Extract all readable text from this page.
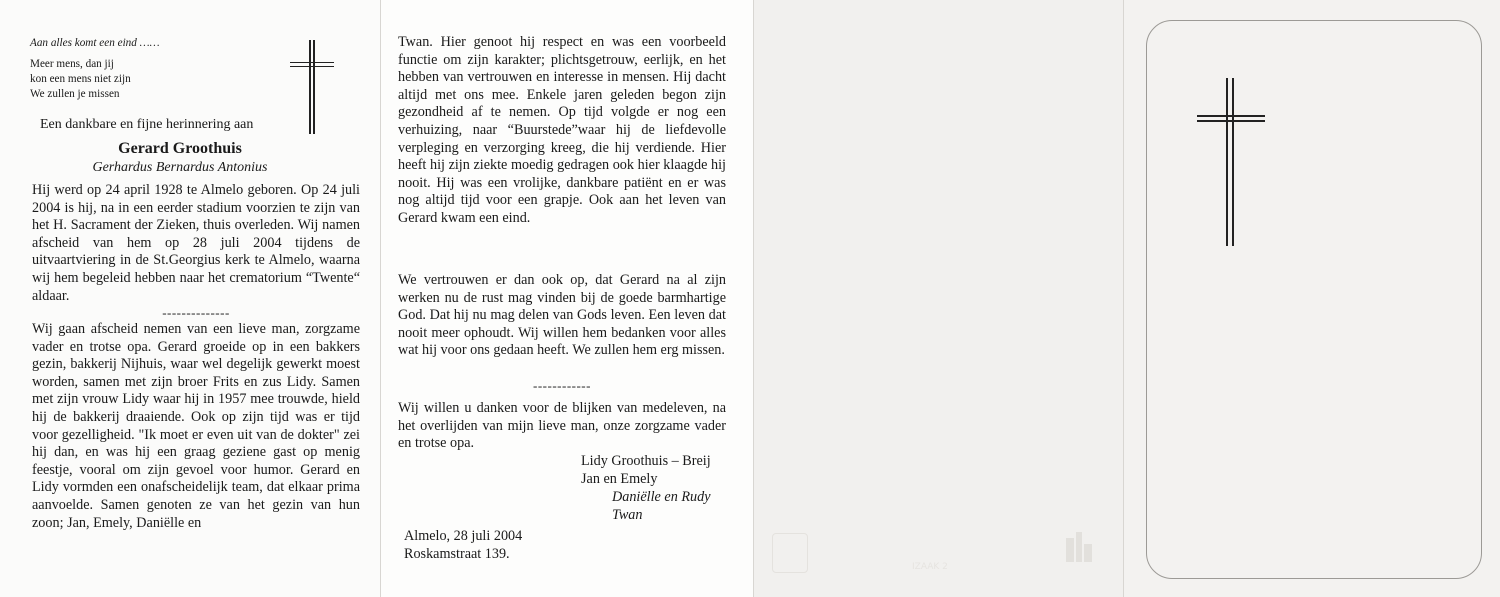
Aan alles komt een eind ……
Meer mens, dan jij
kon een mens niet zijn
We zullen je missen
Een dankbare en fijne herinnering aan
Gerard Groothuis
Gerhardus Bernardus Antonius

Hij werd op 24 april 1928 te Almelo geboren. Op 24 juli 2004 is hij, na in een eerder stadium voorzien te zijn van het H. Sacrament der Zieken, thuis overleden. Wij namen afscheid van hem op 28 juli 2004 tijdens de uitvaartviering in de St.Georgius kerk te Almelo, waarna wij hem begeleid hebben naar het crematorium “Twente“ aldaar.

--------------

Wij gaan afscheid nemen van een lieve man, zorgzame vader en trotse opa. Gerard groeide op in een bakkers gezin, bakkerij Nijhuis, waar wel degelijk gewerkt moest worden, samen met zijn broer Frits en zus Lidy. Samen met zijn vrouw Lidy waar hij in 1957 mee trouwde, hield hij de bakkerij draaiende. Ook op zijn tijd was er tijd voor gezelligheid. "Ik moet er even uit van de dokter" zei hij dan, en was hij een graag geziene gast op menig feestje, vooral om zijn gevoel voor humor. Gerard en Lidy vormden een onafscheidelijk team, dat elkaar prima aanvoelde. Samen genoten ze van het gezin van hun zoon; Jan, Emely, Daniëlle en

Twan. Hier genoot hij respect en was een voorbeeld functie om zijn karakter; plichtsgetrouw, eerlijk, en het hebben van vertrouwen en interesse in mensen. Hij dacht altijd met ons mee. Enkele jaren geleden begon zijn gezondheid af te nemen. Op tijd volgde er nog een verhuizing, naar “Buurstede”waar hij de liefdevolle verpleging en verzorging kreeg, die hij verdiende. Hier heeft hij zijn ziekte moedig gedragen ook hier klaagde hij nooit. Hij was een vrolijke, dankbare patiënt en er was nog altijd tijd voor een grapje. Ook aan het leven van Gerard kwam een eind.

We vertrouwen er dan ook op, dat Gerard na al zijn werken nu de rust mag vinden bij de goede barmhartige God. Dat hij nu mag delen van Gods leven. Een leven dat nooit meer ophoudt. Wij willen hem bedanken voor alles wat hij voor ons gedaan heeft. We zullen hem erg missen.

------------

Wij willen u danken voor de blijken van medeleven, na het overlijden van mijn lieve man, onze zorgzame vader en trotse opa.

Lidy Groothuis – Breij
Jan en Emely
Daniëlle en Rudy
Twan
Almelo, 28 juli 2004
Roskamstraat 139.
IZAAK 2
